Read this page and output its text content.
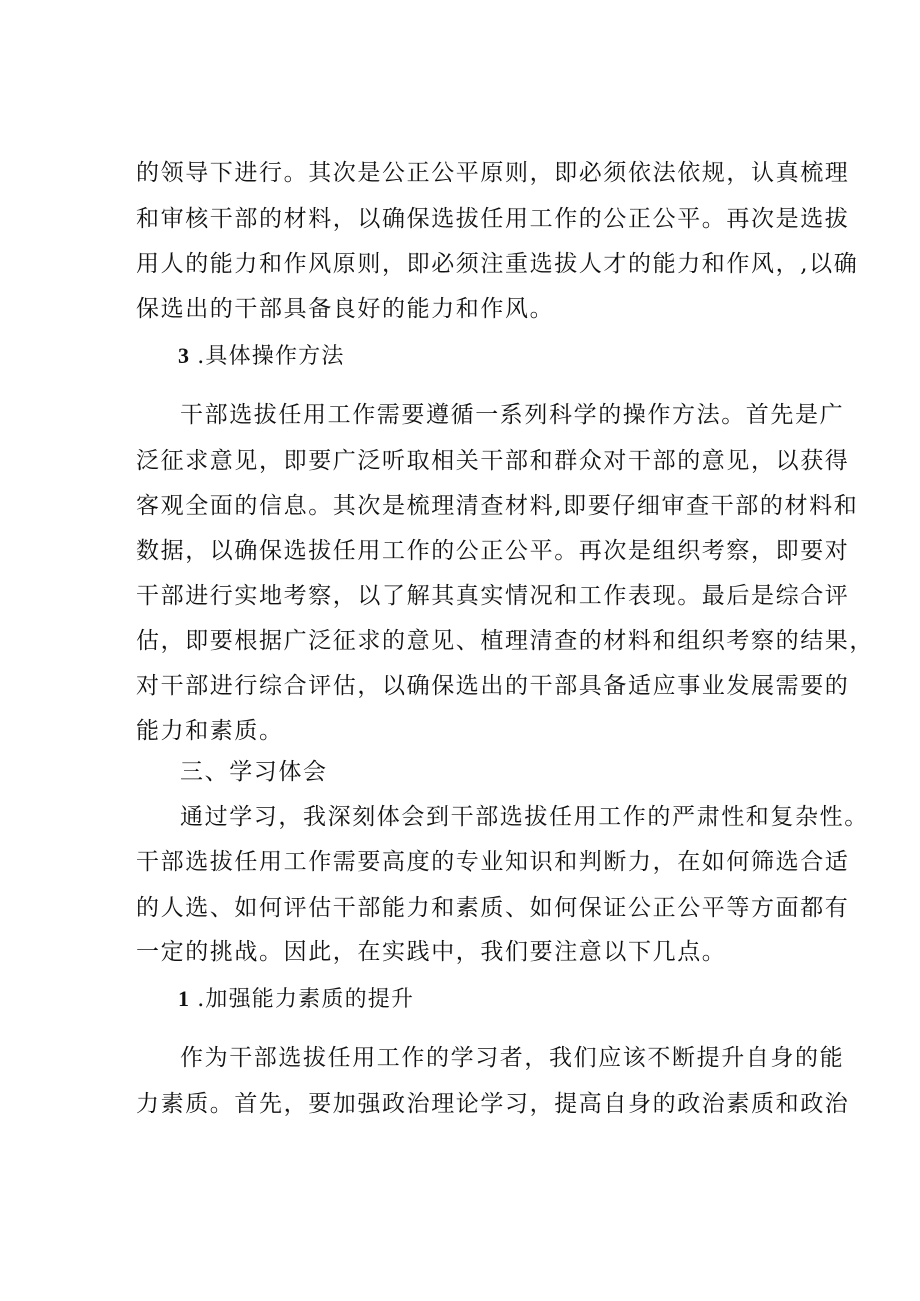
的领导下进行。其次是公正公平原则，即必须依法依规，认真梳理
和审核干部的材料，以确保选拔任用工作的公正公平。再次是选拔
用人的能力和作风原则，即必须注重选拔人才的能力和作风，,以确
保选出的干部具备良好的能力和作风。
3 .具体操作方法
干部选拔任用工作需要遵循一系列科学的操作方法。首先是广
泛征求意见，即要广泛听取相关干部和群众对干部的意见，以获得
客观全面的信息。其次是梳理清查材料,即要仔细审查干部的材料和
数据，以确保选拔任用工作的公正公平。再次是组织考察，即要对
干部进行实地考察，以了解其真实情况和工作表现。最后是综合评
估，即要根据广泛征求的意见、植理清查的材料和组织考察的结果，
对干部进行综合评估，以确保选出的干部具备适应事业发展需要的
能力和素质。
三、学习体会
通过学习，我深刻体会到干部选拔任用工作的严肃性和复杂性。
干部选拔任用工作需要高度的专业知识和判断力，在如何筛选合适
的人选、如何评估干部能力和素质、如何保证公正公平等方面都有
一定的挑战。因此，在实践中，我们要注意以下几点。
1 .加强能力素质的提升
作为干部选拔任用工作的学习者，我们应该不断提升自身的能
力素质。首先，要加强政治理论学习，提高自身的政治素质和政治
